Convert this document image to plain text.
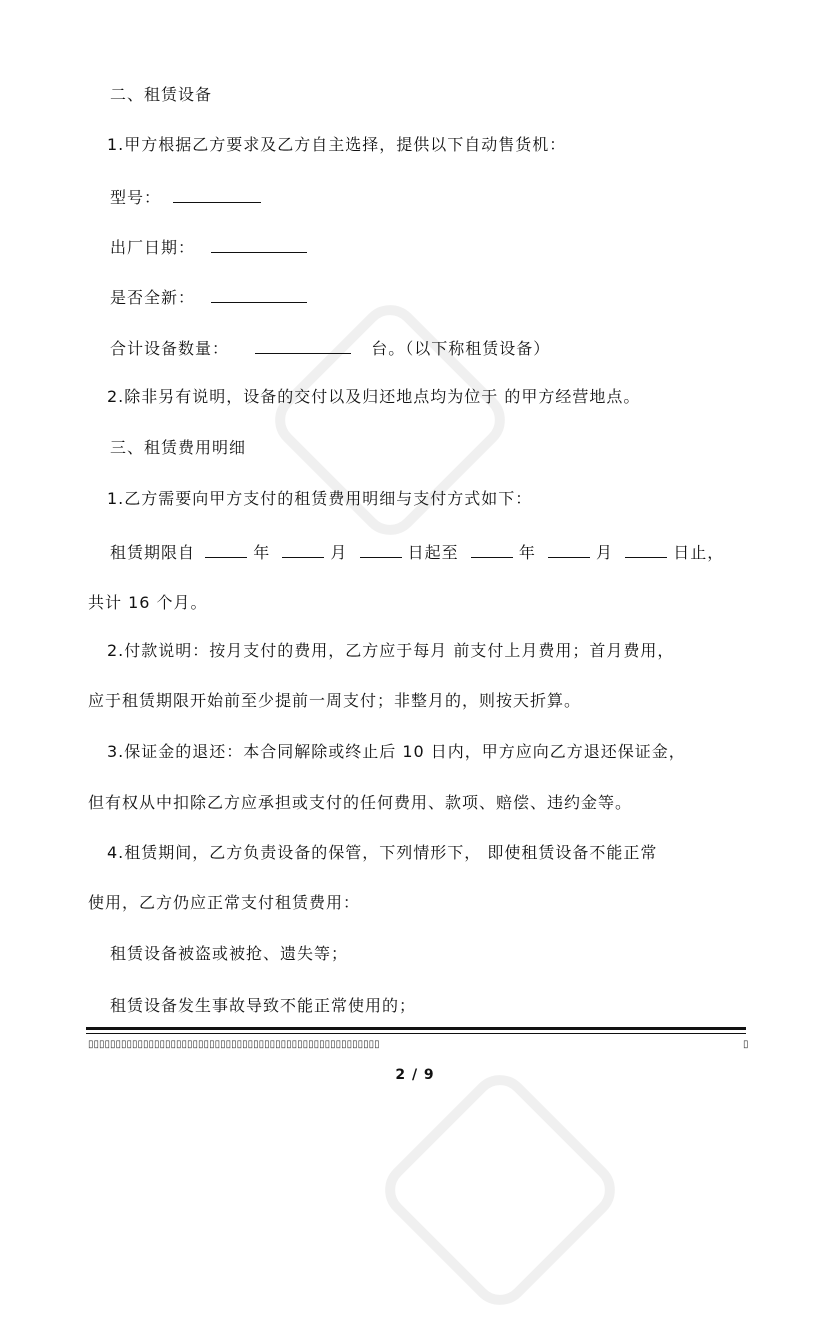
二、租赁设备
1.甲方根据乙方要求及乙方自主选择，提供以下自动售货机：
型号：
出厂日期：
是否全新：
合计设备数量：	台。（以下称租赁设备）
2.除非另有说明，设备的交付以及归还地点均为位于 的甲方经营地点。
三、租赁费用明细
1.乙方需要向甲方支付的租赁费用明细与支付方式如下：
租赁期限自	年	月	日起至	年	月	日止，
共计 16 个月。
2.付款说明：按月支付的费用，乙方应于每月 前支付上月费用；首月费用，
应于租赁期限开始前至少提前一周支付；非整月的，则按天折算。
3.保证金的退还：本合同解除或终止后 10 日内，甲方应向乙方退还保证金，
但有权从中扣除乙方应承担或支付的任何费用、款项、赔偿、违约金等。
4.租赁期间，乙方负责设备的保管，下列情形下， 即使租赁设备不能正常
使用，乙方仍应正常支付租赁费用：
租赁设备被盗或被抢、遗失等；
租赁设备发生事故导致不能正常使用的；
▯▯▯▯▯▯▯▯▯▯▯▯▯▯▯▯▯▯▯▯▯▯▯▯▯▯▯▯▯▯▯▯▯▯▯▯▯▯▯▯▯▯▯▯▯▯▯▯▯▯▯▯▯	▯
2 / 9
